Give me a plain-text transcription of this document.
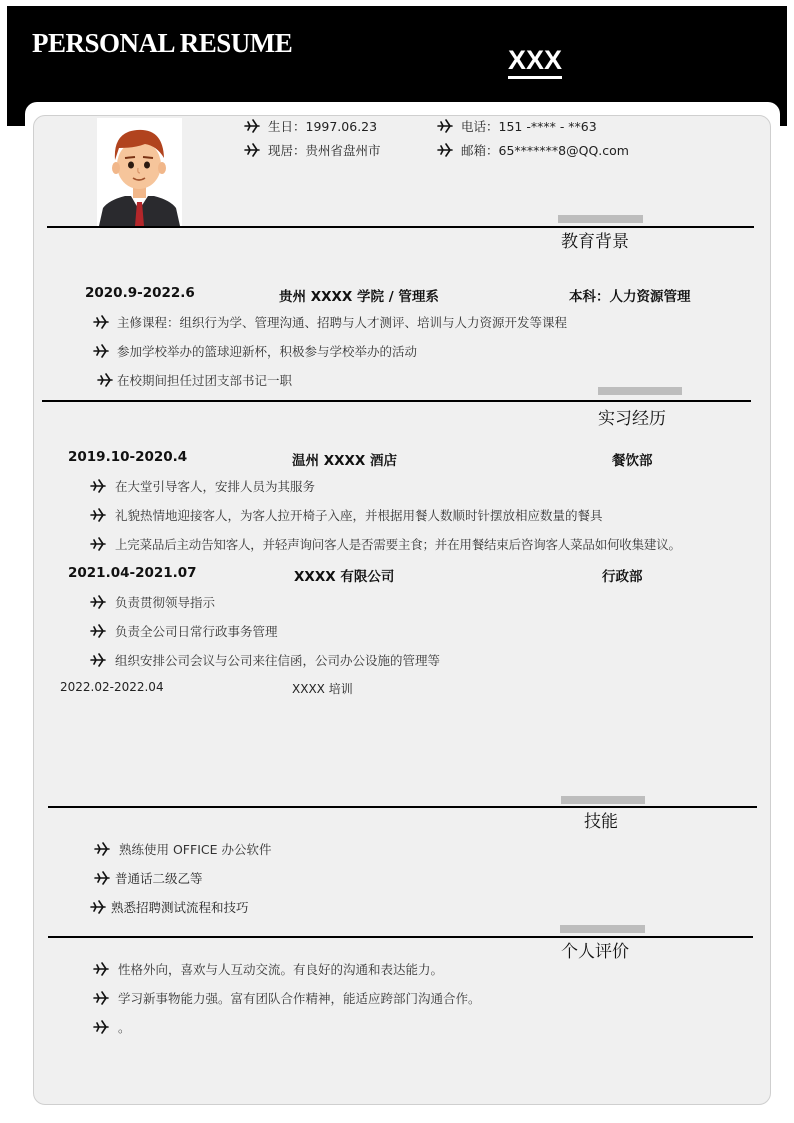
PERSONAL RESUME
XXX
生日：1997.06.23
现居：贵州省盘州市
电话：151 -**** - **63
邮箱：65*******8@QQ.com
教育背景
2020.9-2022.6	贵州 XXXX 学院 / 管理系	本科：人力资源管理
主修课程：组织行为学、管理沟通、招聘与人才测评、培训与人力资源开发等课程
参加学校举办的篮球迎新杯，积极参与学校举办的活动
在校期间担任过团支部书记一职
实习经历
2019.10-2020.4	温州 XXXX 酒店	餐饮部
在大堂引导客人，安排人员为其服务
礼貌热情地迎接客人，为客人拉开椅子入座，并根据用餐人数顺时针摆放相应数量的餐具
上完菜品后主动告知客人，并轻声询问客人是否需要主食；并在用餐结束后咨询客人菜品如何收集建议。
2021.04-2021.07	XXXX 有限公司	行政部
负责贯彻领导指示
负责全公司日常行政事务管理
组织安排公司会议与公司来往信函，公司办公设施的管理等
2022.02-2022.04	XXXX 培训
技能
熟练使用 OFFICE 办公软件
普通话二级乙等
熟悉招聘测试流程和技巧
个人评价
性格外向，喜欢与人互动交流。有良好的沟通和表达能力。
学习新事物能力强。富有团队合作精神，能适应跨部门沟通合作。
。
